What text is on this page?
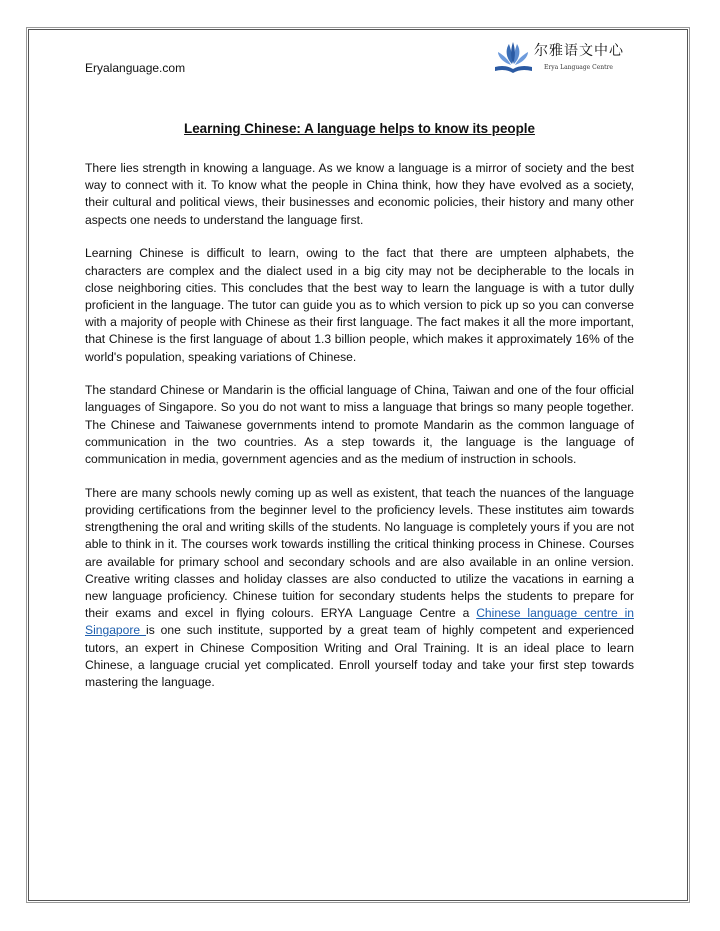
Eryalanguage.com
尔雅语文中心
Erya Language Centre
Learning Chinese: A language helps to know its people

There lies strength in knowing a language. As we know a language is a mirror of society and the best way to connect with it. To know what the people in China think, how they have evolved as a society, their cultural and political views, their businesses and economic policies, their history and many other aspects one needs to understand the language first.

Learning Chinese is difficult to learn, owing to the fact that there are umpteen alphabets, the characters are complex and the dialect used in a big city may not be decipherable to the locals in close neighboring cities. This concludes that the best way to learn the language is with a tutor dully proficient in the language. The tutor can guide you as to which version to pick up so you can converse with a majority of people with Chinese as their first language. The fact makes it all the more important, that Chinese is the first language of about 1.3 billion people, which makes it approximately 16% of the world's population, speaking variations of Chinese.

The standard Chinese or Mandarin is the official language of China, Taiwan and one of the four official languages of Singapore. So you do not want to miss a language that brings so many people together. The Chinese and Taiwanese governments intend to promote Mandarin as the common language of communication in the two countries. As a step towards it, the language is the language of communication in media, government agencies and as the medium of instruction in schools.

There are many schools newly coming up as well as existent, that teach the nuances of the language providing certifications from the beginner level to the proficiency levels. These institutes aim towards strengthening the oral and writing skills of the students. No language is completely yours if you are not able to think in it. The courses work towards instilling the critical thinking process in Chinese. Courses are available for primary school and secondary schools and are also available in an online version. Creative writing classes and holiday classes are also conducted to utilize the vacations in earning a new language proficiency. Chinese tuition for secondary students helps the students to prepare for their exams and excel in flying colours. ERYA Language Centre a Chinese language centre in Singapore is one such institute, supported by a great team of highly competent and experienced tutors, an expert in Chinese Composition Writing and Oral Training. It is an ideal place to learn Chinese, a language crucial yet complicated. Enroll yourself today and take your first step towards mastering the language.
